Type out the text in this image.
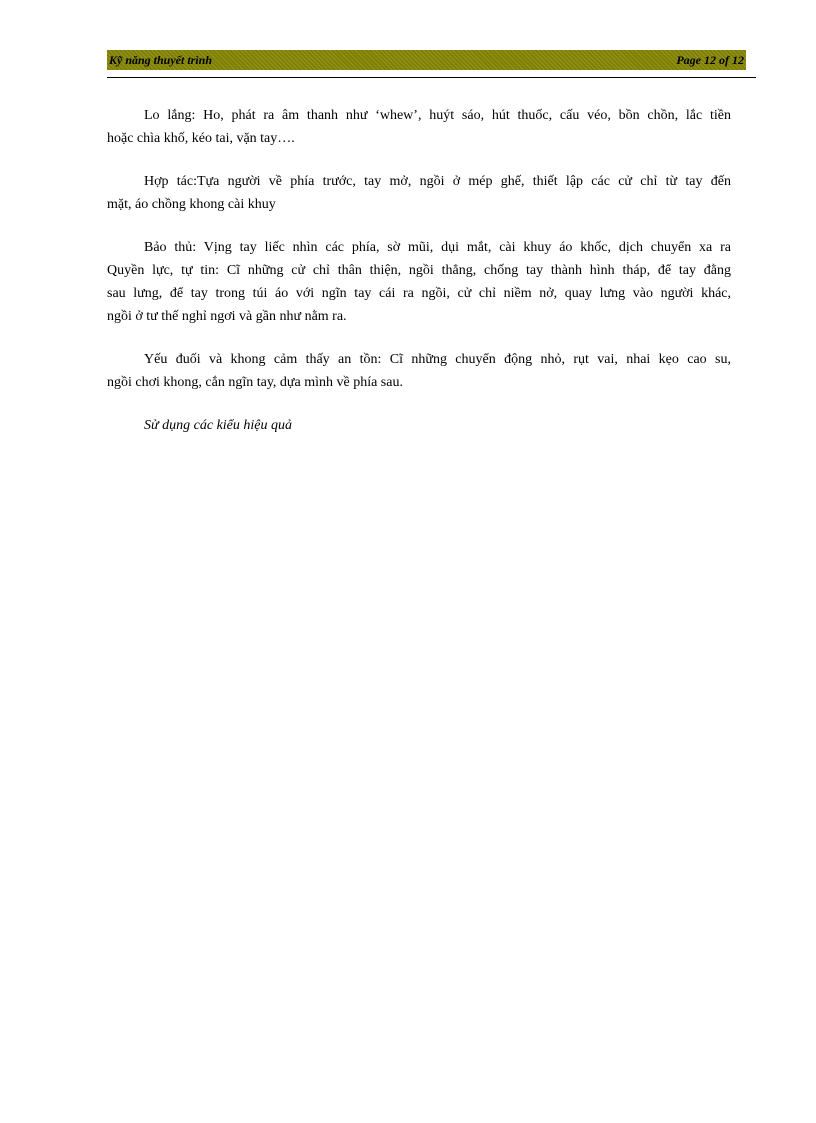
Kỹ năng thuyết trình	Page 12 of 12

Lo lắng: Ho, phát ra âm thanh như ‘whew’, huýt sáo, hút thuốc, cấu véo, bồn chồn, lắc tiền
hoặc chìa khố, kéo tai, vặn tay….

Hợp tác:Tựa người về phía trước, tay mở, ngồi ở mép ghế, thiết lập các cử chỉ từ tay đến
mặt, áo chồng khong cài khuy

Bảo thủ: Vịng tay liếc nhìn các phía, sờ mũi, dụi mắt, cài khuy áo khốc, dịch chuyển xa ra
Quyền lực, tự tin: Cĩ những cử chỉ thân thiện, ngồi thẳng, chống tay thành hình tháp, để tay đằng
sau lưng, để tay trong túi áo với ngĩn tay cái ra ngồi, cử chỉ niềm nở, quay lưng vào người khác,
ngồi ở tư thế nghỉ ngơi và gần như nằm ra.

Yếu đuối và khong cảm thấy an tồn: Cĩ những chuyển động nhỏ, rụt vai, nhai kẹo cao su,
ngồi chơi khong, cắn ngĩn tay, dựa mình về phía sau.

Sử dụng các kiểu hiệu quả
